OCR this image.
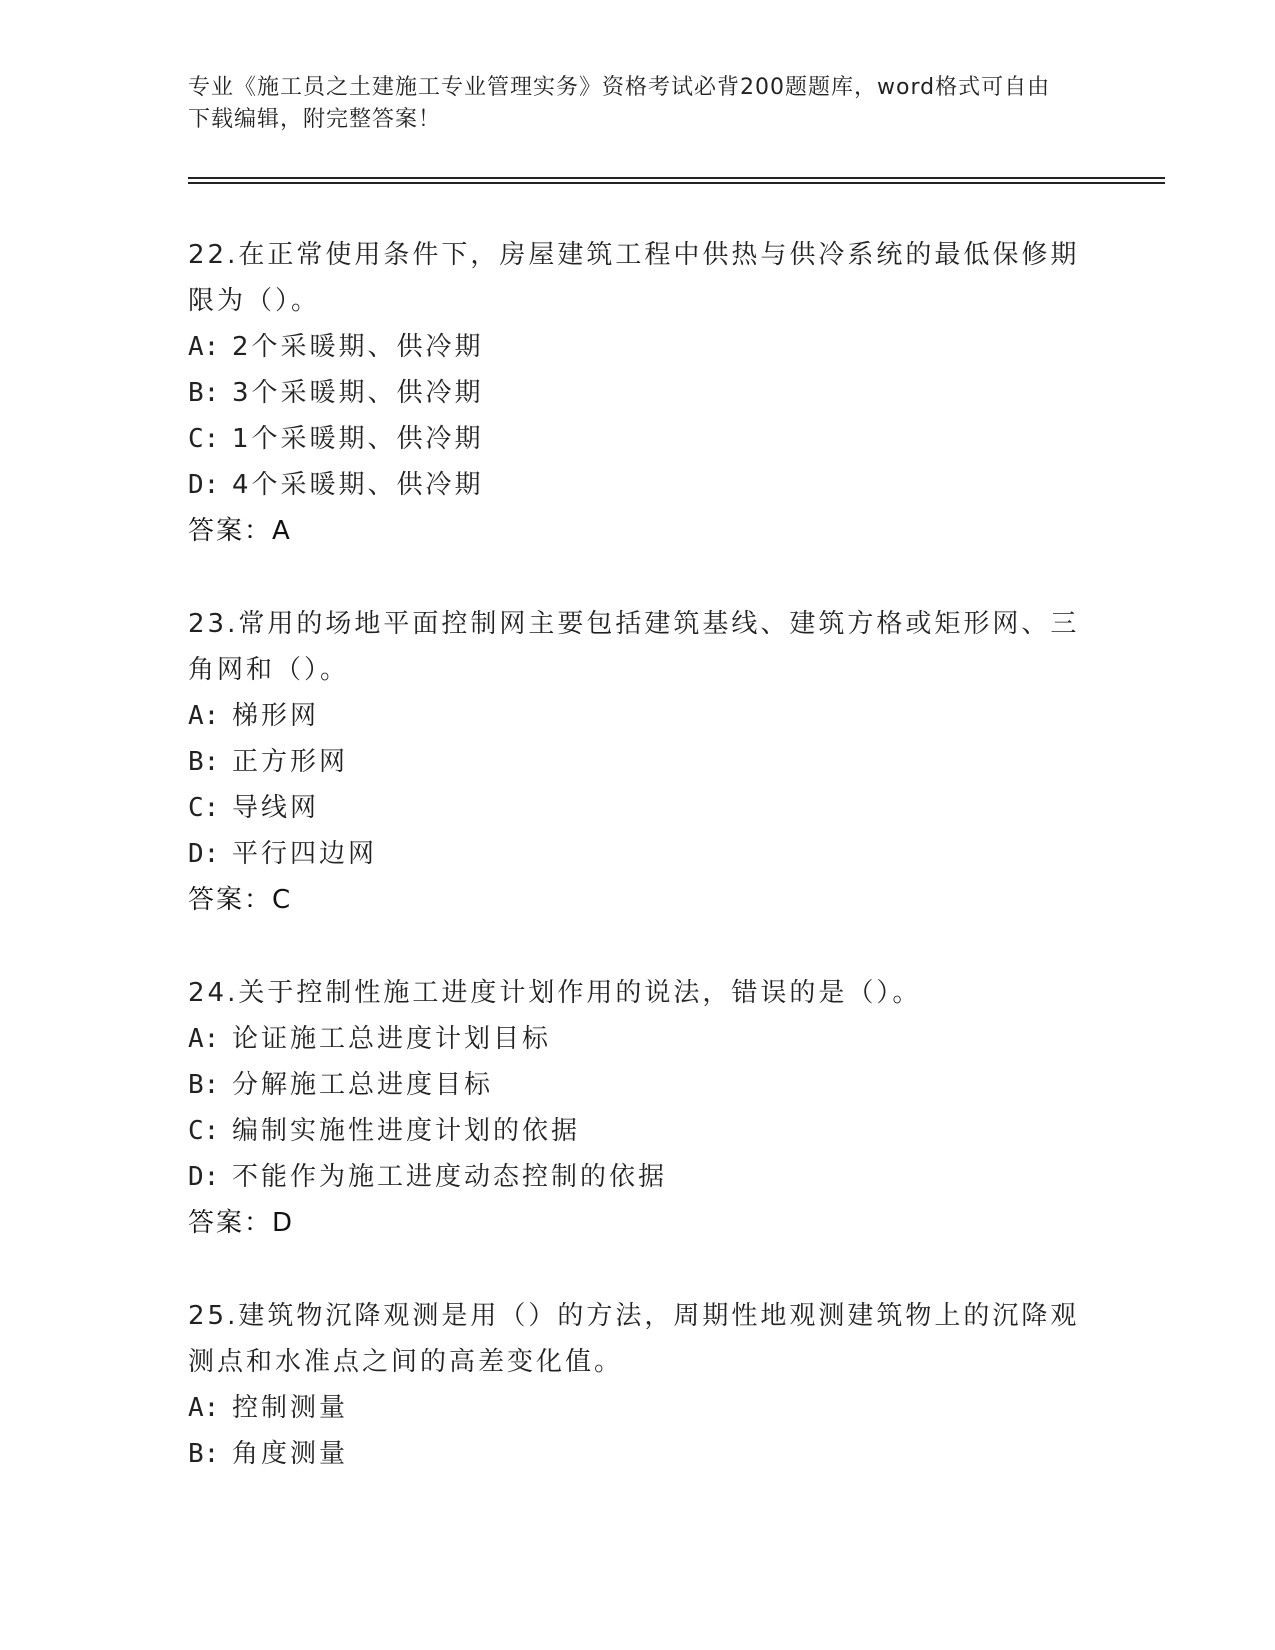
专业《施工员之土建施工专业管理实务》资格考试必背200题题库，word格式可自由下载编辑，附完整答案！

22.在正常使用条件下，房屋建筑工程中供热与供冷系统的最低保修期限为（）。

A: 2个采暖期、供冷期

B: 3个采暖期、供冷期

C: 1个采暖期、供冷期

D: 4个采暖期、供冷期

答案：A

23.常用的场地平面控制网主要包括建筑基线、建筑方格或矩形网、三角网和（）。

A: 梯形网

B: 正方形网

C: 导线网

D: 平行四边网

答案：C

24.关于控制性施工进度计划作用的说法，错误的是（）。

A: 论证施工总进度计划目标

B: 分解施工总进度目标

C: 编制实施性进度计划的依据

D: 不能作为施工进度动态控制的依据

答案：D

25.建筑物沉降观测是用（）的方法，周期性地观测建筑物上的沉降观测点和水准点之间的高差变化值。

A: 控制测量

B: 角度测量
